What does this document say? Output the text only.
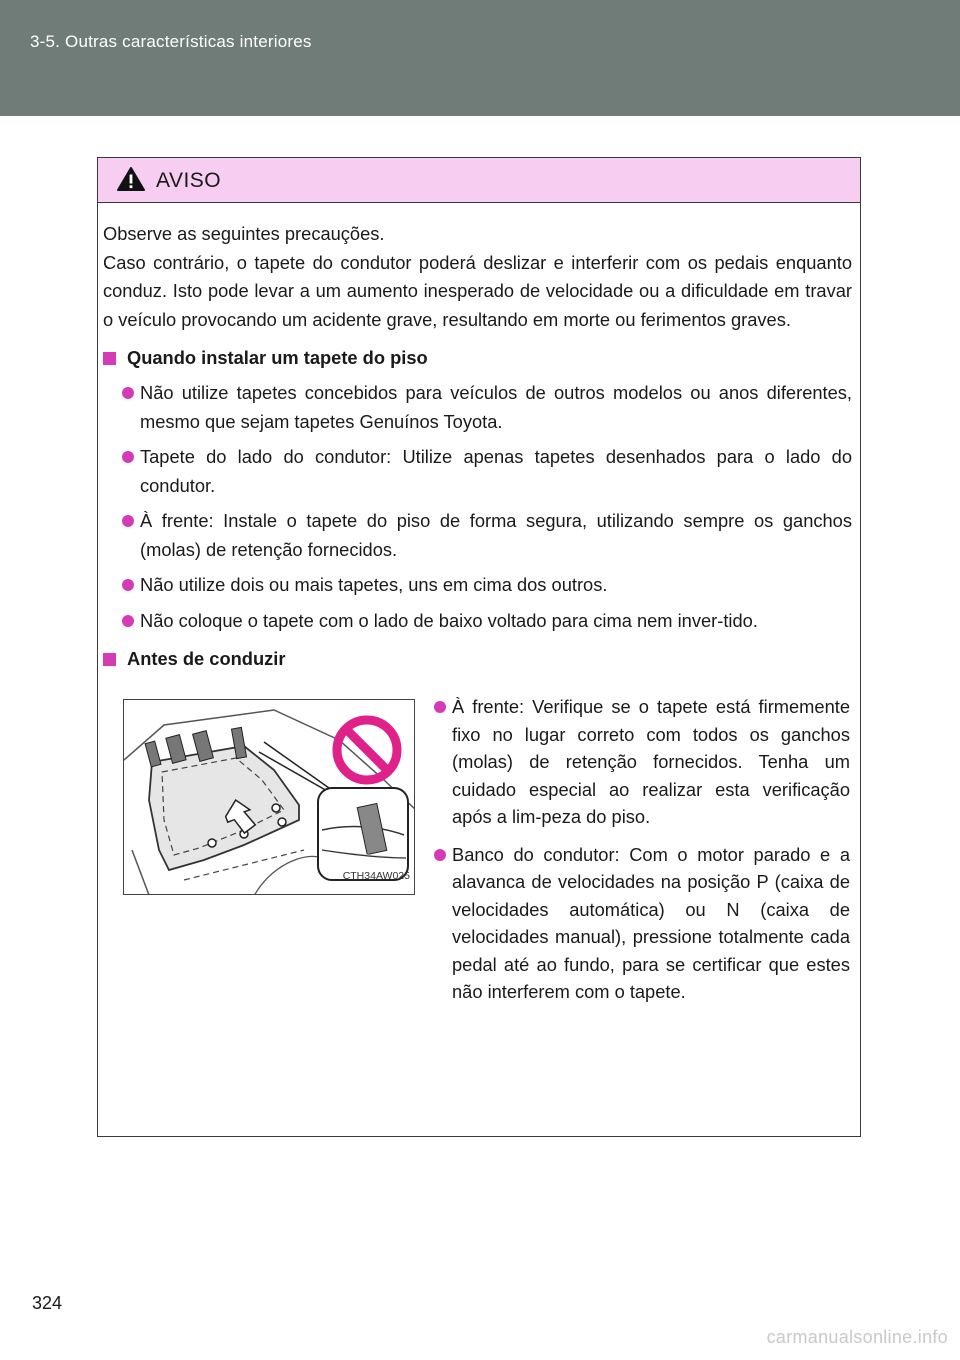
3-5. Outras características interiores
AVISO

Observe as seguintes precauções.

Caso contrário, o tapete do condutor poderá deslizar e interferir com os pedais enquanto conduz. Isto pode levar a um aumento inesperado de velocidade ou a dificuldade em travar o veículo provocando um acidente grave, resultando em morte ou ferimentos graves.

Quando instalar um tapete do piso
Não utilize tapetes concebidos para veículos de outros modelos ou anos diferentes, mesmo que sejam tapetes Genuínos Toyota.
Tapete do lado do condutor: Utilize apenas tapetes desenhados para o lado do condutor.
À frente: Instale o tapete do piso de forma segura, utilizando sempre os ganchos (molas) de retenção fornecidos.
Não utilize dois ou mais tapetes, uns em cima dos outros.
Não coloque o tapete com o lado de baixo voltado para cima nem inver-tido.
Antes de conduzir
CTH34AW025
À frente: Verifique se o tapete está firmemente fixo no lugar correto com todos os ganchos (molas) de retenção fornecidos. Tenha um cuidado especial ao realizar esta verificação após a lim-peza do piso.
Banco do condutor: Com o motor parado e a alavanca de velocidades na posição P (caixa de velocidades automática) ou N (caixa de velocidades manual), pressione totalmente cada pedal até ao fundo, para se certificar que estes não interferem com o tapete.
324
carmanualsonline.info
